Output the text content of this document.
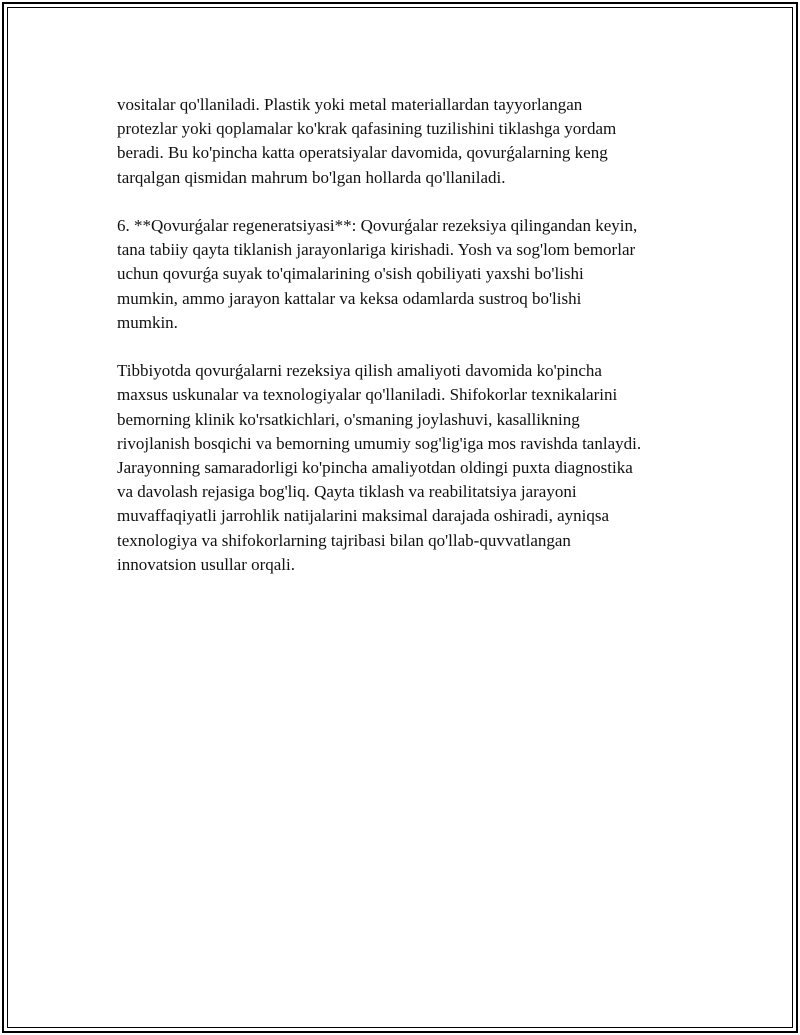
vositalar qo'llaniladi. Plastik yoki metal materiallardan tayyorlangan
protezlar yoki qoplamalar ko'krak qafasining tuzilishini tiklashga yordam
beradi. Bu ko'pincha katta operatsiyalar davomida, qovurǵalarning keng
tarqalgan qismidan mahrum bo'lgan hollarda qo'llaniladi.

6. **Qovurǵalar regeneratsiyasi**: Qovurǵalar rezeksiya qilingandan keyin,
tana tabiiy qayta tiklanish jarayonlariga kirishadi. Yosh va sog'lom bemorlar
uchun qovurǵa suyak to'qimalarining o'sish qobiliyati yaxshi bo'lishi
mumkin, ammo jarayon kattalar va keksa odamlarda sustroq bo'lishi
mumkin.

Tibbiyotda qovurǵalarni rezeksiya qilish amaliyoti davomida ko'pincha
maxsus uskunalar va texnologiyalar qo'llaniladi. Shifokorlar texnikalarini
bemorning klinik ko'rsatkichlari, o'smaning joylashuvi, kasallikning
rivojlanish bosqichi va bemorning umumiy sog'lig'iga mos ravishda tanlaydi.
Jarayonning samaradorligi ko'pincha amaliyotdan oldingi puxta diagnostika
va davolash rejasiga bog'liq. Qayta tiklash va reabilitatsiya jarayoni
muvaffaqiyatli jarrohlik natijalarini maksimal darajada oshiradi, ayniqsa
texnologiya va shifokorlarning tajribasi bilan qo'llab-quvvatlangan
innovatsion usullar orqali.
